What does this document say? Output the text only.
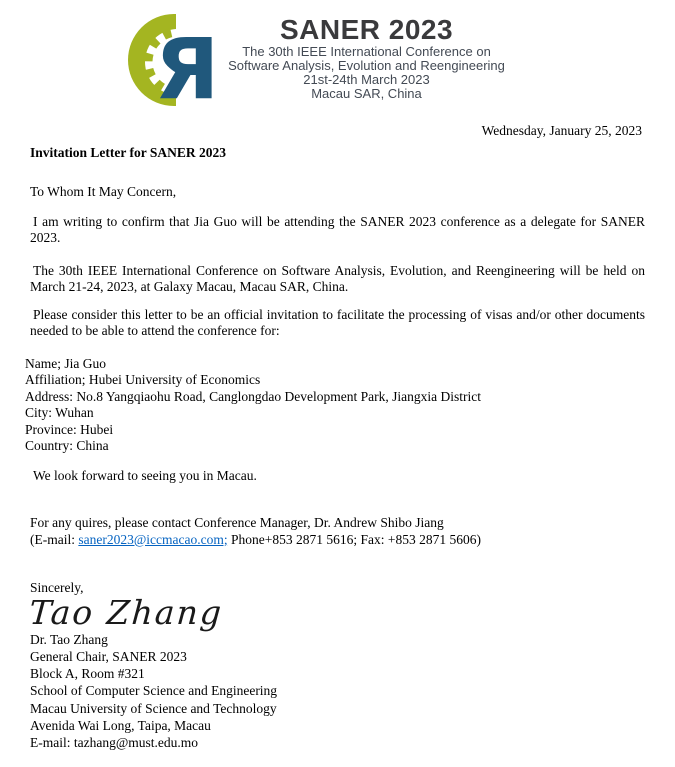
Я	SANER 2023
The 30th IEEE International Conference on
Software Analysis, Evolution and Reengineering
21st-24th March 2023
Macau SAR, China
Wednesday, January 25, 2023
Invitation Letter for SANER 2023
To Whom It May Concern,
I am writing to confirm that Jia Guo will be attending the SANER 2023 conference as a delegate for SANER 2023.
The 30th IEEE International Conference on Software Analysis, Evolution, and Reengineering will be held on March 21-24, 2023, at Galaxy Macau, Macau SAR, China.
Please consider this letter to be an official invitation to facilitate the processing of visas and/or other documents needed to be able to attend the conference for:
Name; Jia Guo
Affiliation; Hubei University of Economics
Address: No.8 Yangqiaohu Road, Canglongdao Development Park, Jiangxia District
City: Wuhan
Province: Hubei
Country: China
We look forward to seeing you in Macau.
For any quires, please contact Conference Manager, Dr. Andrew Shibo Jiang
(E-mail: saner2023@iccmacao.com; Phone+853 2871 5616; Fax: +853 2871 5606)
Sincerely,
Tao Zhang
Dr. Tao Zhang
General Chair, SANER 2023
Block A, Room #321
School of Computer Science and Engineering
Macau University of Science and Technology
Avenida Wai Long, Taipa, Macau
E-mail: tazhang@must.edu.mo
